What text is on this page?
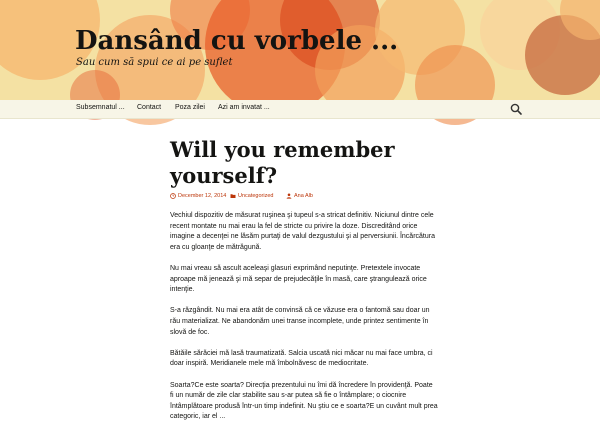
Dansând cu vorbele ...
Sau cum să spui ce ai pe suflet
Subsemnatul ... Contact Poza zilei Azi am invatat ...
Will you remember yourself?
December 12, 2014 Uncategorized	Ana Alb

Vechiul dispozitiv de măsurat ruşinea şi tupeul s-a stricat definitiv. Niciunul dintre cele recent montate nu mai erau la fel de stricte cu privire la doze. Discreditând orice imagine a decenţei ne lăsăm purtaţi de valul dezgustului şi al perversiunii. Încărcătura era cu gloanţe de mătrăgună.

Nu mai vreau să ascult aceleaşi glasuri exprimând neputinţe. Pretextele invocate aproape mă jenează şi mă separ de prejudecăţile în masă, care ştrangulează orice intenţie.

S-a răzgândit. Nu mai era atât de convinsă că ce văzuse era o fantomă sau doar un rău materializat. Ne abandonăm unei transe incomplete, unde printez sentimente în slovă de foc.

Bătăile sărăciei mă lasă traumatizată. Salcia uscată nici măcar nu mai face umbra, ci doar inspiră. Meridianele mele mă îmbolnăvesc de mediocritate.

Soarta?Ce este soarta? Direcţia prezentului nu îmi dă încredere în providenţă. Poate fi un număr de zile clar stabilite sau s-ar putea să fie o întâmplare; o ciocnire întâmplătoare produsă într-un timp indefinit. Nu ştiu ce e soarta?E un cuvânt mult prea categoric, iar el ...
